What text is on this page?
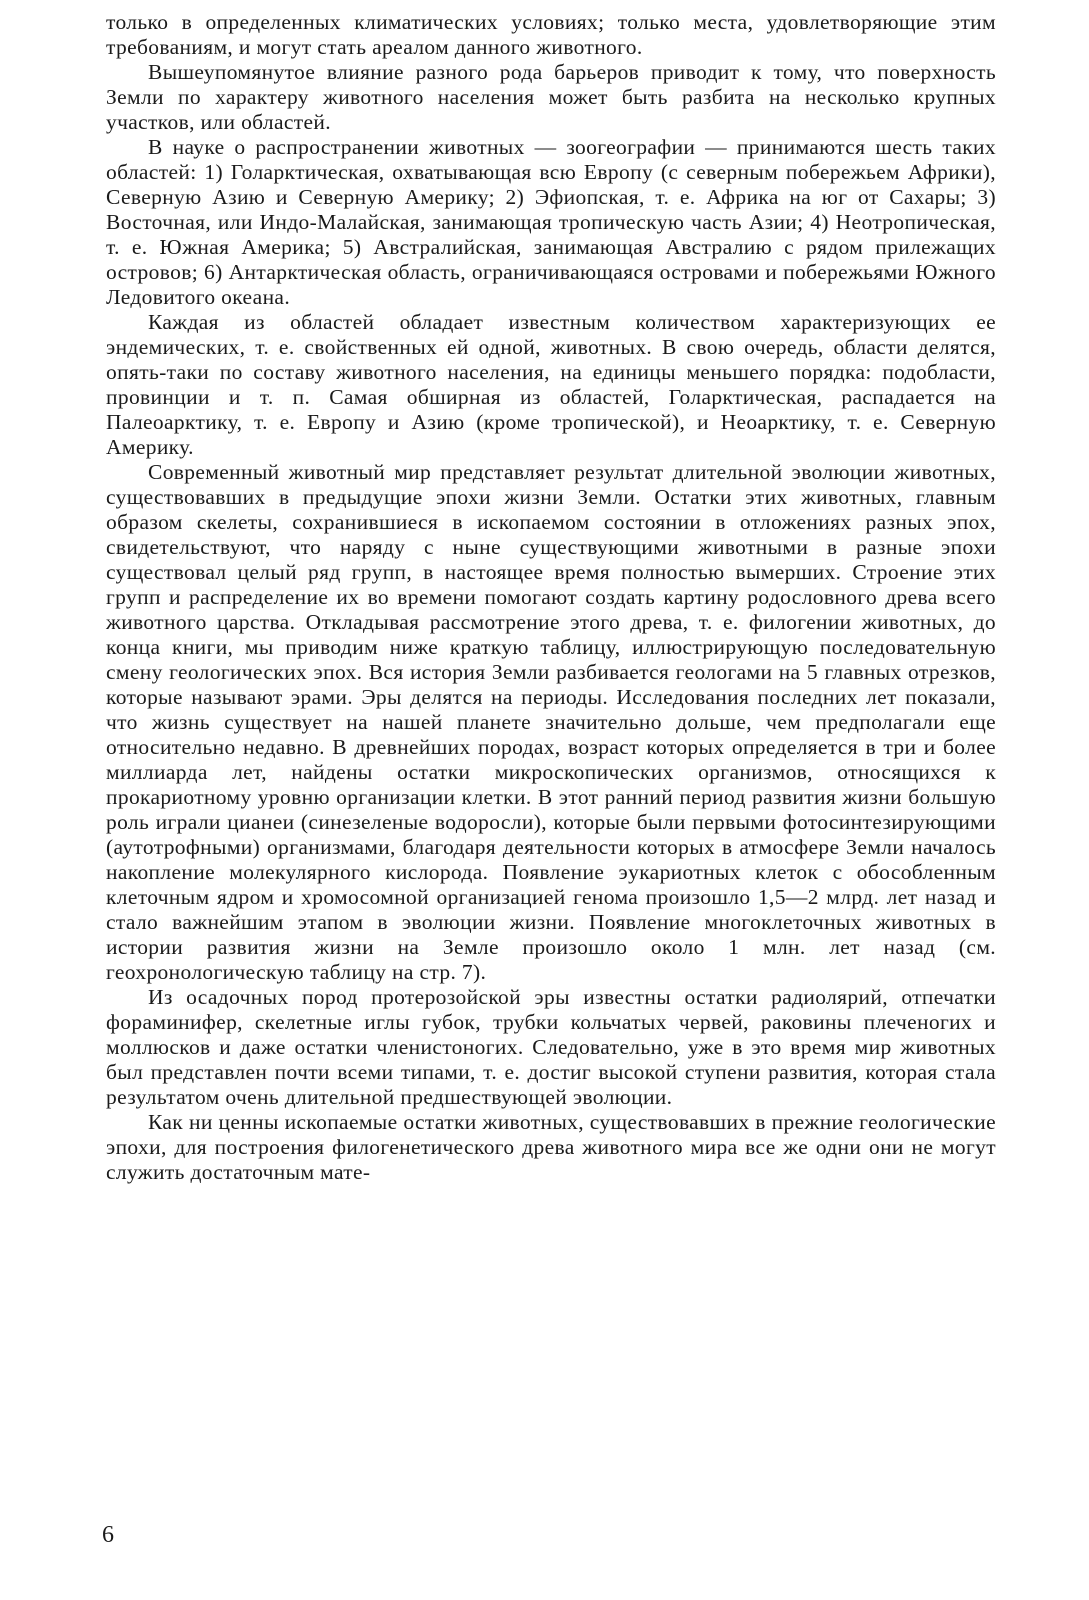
только в определенных климатических условиях; только места, удовлетворяющие этим требованиям, и могут стать ареалом данного животного.

Вышеупомянутое влияние разного рода барьеров приводит к тому, что поверхность Земли по характеру животного населения может быть разбита на несколько крупных участков, или областей.

В науке о распространении животных — зоогеографии — принимаются шесть таких областей: 1) Голарктическая, охватывающая всю Европу (с северным побережьем Африки), Северную Азию и Северную Америку; 2) Эфиопская, т. е. Африка на юг от Сахары; 3) Восточная, или Индо-Малайская, занимающая тропическую часть Азии; 4) Неотропическая, т. е. Южная Америка; 5) Австралийская, занимающая Австралию с рядом прилежащих островов; 6) Антарктическая область, ограничивающаяся островами и побережьями Южного Ледовитого океана.

Каждая из областей обладает известным количеством характеризующих ее эндемических, т. е. свойственных ей одной, животных. В свою очередь, области делятся, опять-таки по составу животного населения, на единицы меньшего порядка: подобласти, провинции и т. п. Самая обширная из областей, Голарктическая, распадается на Палеоарктику, т. е. Европу и Азию (кроме тропической), и Неоарктику, т. е. Северную Америку.

Современный животный мир представляет результат длительной эволюции животных, существовавших в предыдущие эпохи жизни Земли. Остатки этих животных, главным образом скелеты, сохранившиеся в ископаемом состоянии в отложениях разных эпох, свидетельствуют, что наряду с ныне существующими животными в разные эпохи существовал целый ряд групп, в настоящее время полностью вымерших. Строение этих групп и распределение их во времени помогают создать картину родословного древа всего животного царства. Откладывая рассмотрение этого древа, т. е. филогении животных, до конца книги, мы приводим ниже краткую таблицу, иллюстрирующую последовательную смену геологических эпох. Вся история Земли разбивается геологами на 5 главных отрезков, которые называют эрами. Эры делятся на периоды. Исследования последних лет показали, что жизнь существует на нашей планете значительно дольше, чем предполагали еще относительно недавно. В древнейших породах, возраст которых определяется в три и более миллиарда лет, найдены остатки микроскопических организмов, относящихся к прокариотному уровню организации клетки. В этот ранний период развития жизни большую роль играли цианеи (синезеленые водоросли), которые были первыми фотосинтезирующими (аутотрофными) организмами, благодаря деятельности которых в атмосфере Земли началось накопление молекулярного кислорода. Появление эукариотных клеток с обособленным клеточным ядром и хромосомной организацией генома произошло 1,5—2 млрд. лет назад и стало важнейшим этапом в эволюции жизни. Появление многоклеточных животных в истории развития жизни на Земле произошло около 1 млн. лет назад (см. геохронологическую таблицу на стр. 7).

Из осадочных пород протерозойской эры известны остатки радиолярий, отпечатки фораминифер, скелетные иглы губок, трубки кольчатых червей, раковины плеченогих и моллюсков и даже остатки членистоногих. Следовательно, уже в это время мир животных был представлен почти всеми типами, т. е. достиг высокой ступени развития, которая стала результатом очень длительной предшествующей эволюции.

Как ни ценны ископаемые остатки животных, существовавших в прежние геологические эпохи, для построения филогенетического древа животного мира все же одни они не могут служить достаточным мате-

6
